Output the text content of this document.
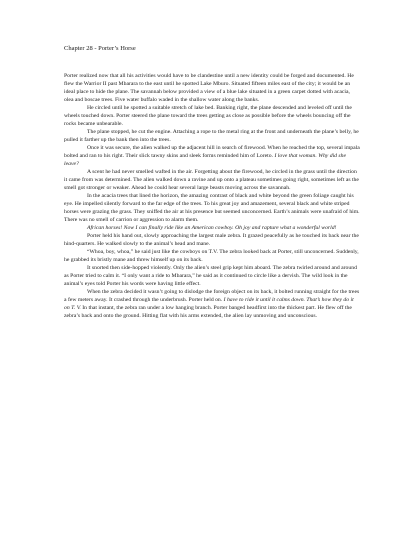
Chapter 28 - Porter’s Horse

Porter realized now that all his activities would have to be clandestine until a new identity could be forged and documented. He flew the Warrior II past Mbarara to the east until he spotted Lake Mburo. Situated fifteen miles east of the city; it would be an ideal place to hide the plane. The savannah below provided a view of a blue lake situated in a green carpet dotted with acacia, olea and boscae trees. Five water buffalo waded in the shallow water along the banks.

He circled until he spotted a suitable stretch of lake bed. Banking right, the plane descended and leveled off until the wheels touched down. Porter steered the plane toward the trees getting as close as possible before the wheels bouncing off the rocks became unbearable.

The plane stopped, he cut the engine. Attaching a rope to the metal ring at the front and underneath the plane’s belly, he pulled it farther up the bank then into the trees.

Once it was secure, the alien walked up the adjacent hill in search of firewood. When he reached the top, several impala bolted and ran to his right. Their slick tawny skins and sleek forms reminded him of Loreto. I love that woman. Why did she leave?

A scent he had never smelled wafted in the air. Forgetting about the firewood, he circled in the grass until the direction it came from was determined. The alien walked down a ravine and up onto a plateau sometimes going right, sometimes left as the smell got stronger or weaker. Ahead he could hear several large beasts moving across the savannah.

In the acacia trees that lined the horizon, the amazing contrast of black and white beyond the green foliage caught his eye. He impelled silently forward to the far edge of the trees. To his great joy and amazement, several black and white striped horses were grazing the grass. They sniffed the air at his presence but seemed unconcerned. Earth’s animals were unafraid of him. There was no smell of carrion or aggression to alarm them.

African horses! Now I can finally ride like an American cowboy. Oh joy and rapture what a wonderful world!

Porter held his hand out, slowly approaching the largest male zebra. It grazed peacefully as he touched its back near the hind-quarters. He walked slowly to the animal’s head and mane.

“Whoa, boy, whoa,” he said just like the cowboys on T.V. The zebra looked back at Porter, still unconcerned. Suddenly, he grabbed its bristly mane and threw himself up on its back.

It snorted then side-hopped violently. Only the alien’s steel grip kept him aboard. The zebra twirled around and around as Porter tried to calm it. “I only want a ride to Mbarara,” he said as it continued to circle like a dervish. The wild look in the animal’s eyes told Porter his words were having little effect.

When the zebra decided it wasn’t going to dislodge the foreign object on its back, it bolted running straight for the trees a few meters away. It crashed through the underbrush. Porter held on. I have to ride it until it calms down. That’s how they do it on T. V. In that instant, the zebra ran under a low hanging branch. Porter banged headfirst into the thickest part. He flew off the zebra’s back and onto the ground. Hitting flat with his arms extended, the alien lay unmoving and unconscious.
